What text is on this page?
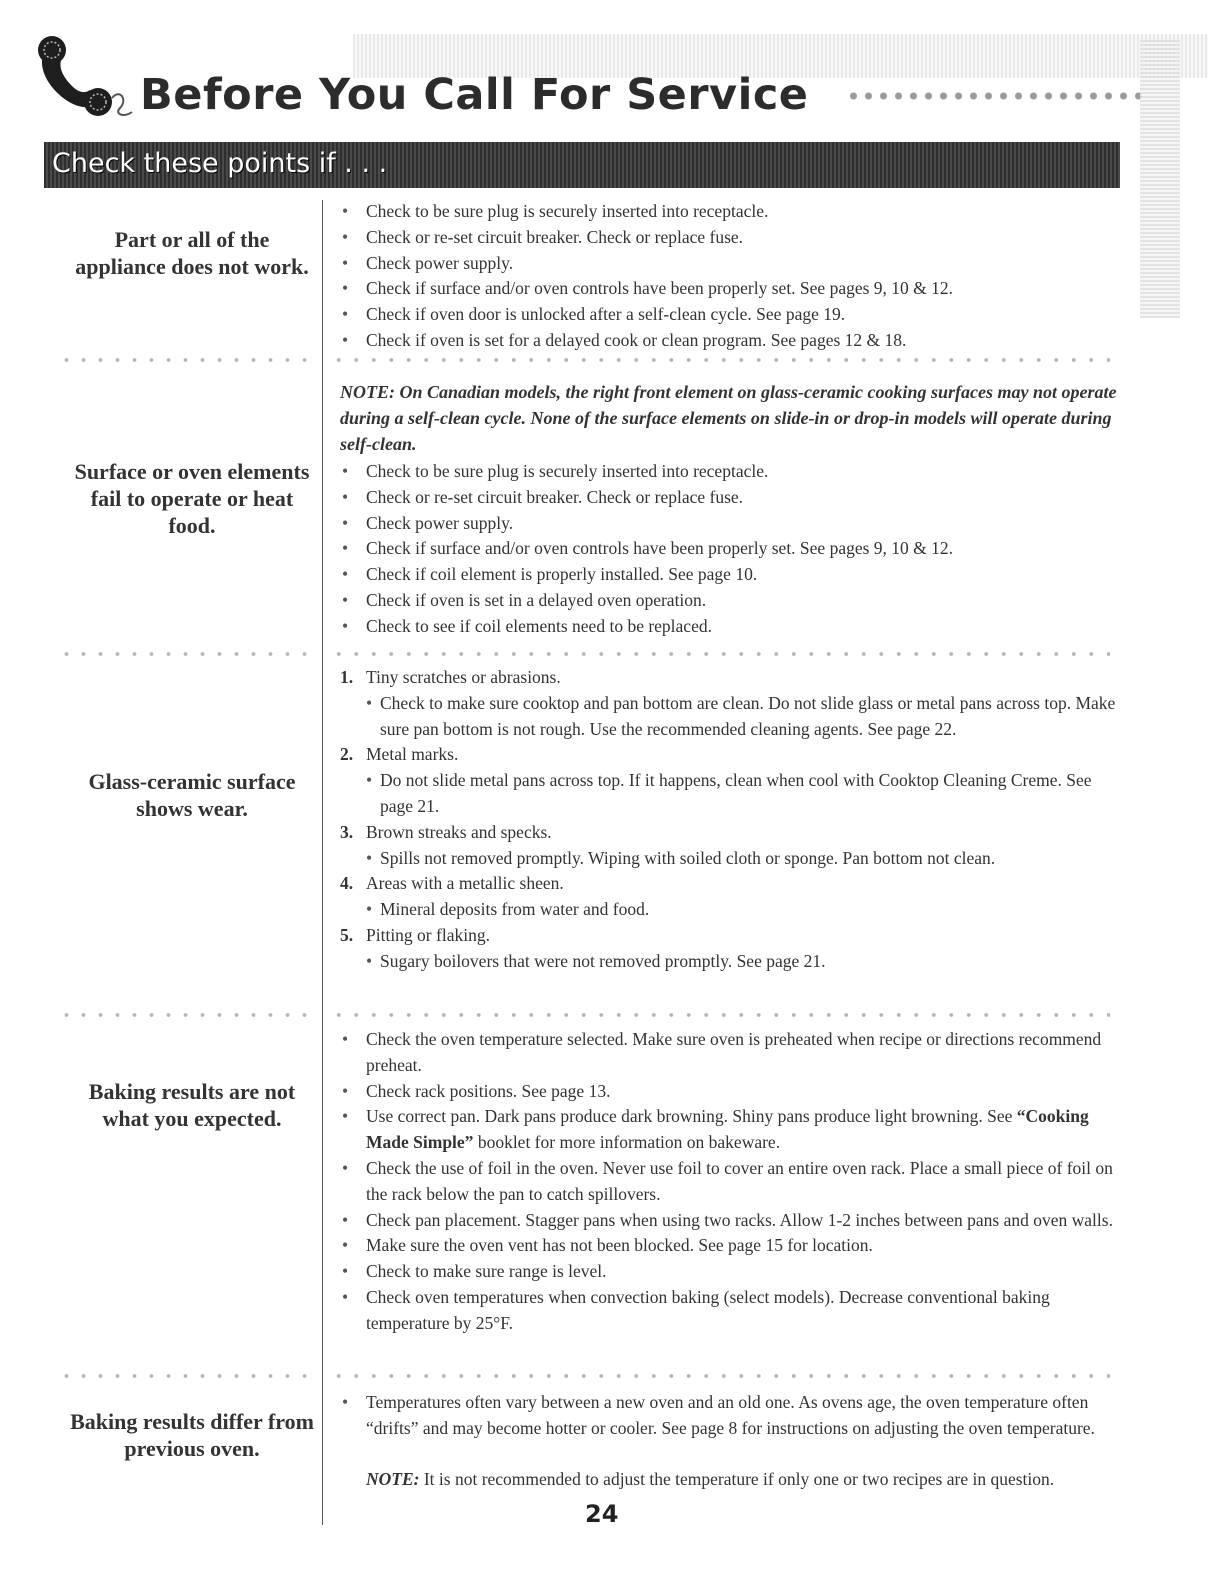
Before You Call For Service
Check these points if . . .

Part or all of the appliance does not work.

• Check to be sure plug is securely inserted into receptacle.
• Check or re-set circuit breaker. Check or replace fuse.
• Check power supply.
• Check if surface and/or oven controls have been properly set. See pages 9, 10 & 12.
• Check if oven door is unlocked after a self-clean cycle. See page 19.
• Check if oven is set for a delayed cook or clean program. See pages 12 & 18.

NOTE: On Canadian models, the right front element on glass-ceramic cooking surfaces may not operate during a self-clean cycle. None of the surface elements on slide-in or drop-in models will operate during self-clean.

Surface or oven elements fail to operate or heat food.

• Check to be sure plug is securely inserted into receptacle.
• Check or re-set circuit breaker. Check or replace fuse.
• Check power supply.
• Check if surface and/or oven controls have been properly set. See pages 9, 10 & 12.
• Check if coil element is properly installed. See page 10.
• Check if oven is set in a delayed oven operation.
• Check to see if coil elements need to be replaced.

Glass-ceramic surface shows wear.

1. Tiny scratches or abrasions.
• Check to make sure cooktop and pan bottom are clean. Do not slide glass or metal pans across top. Make sure pan bottom is not rough. Use the recommended cleaning agents. See page 22.
2. Metal marks.
• Do not slide metal pans across top. If it happens, clean when cool with Cooktop Cleaning Creme. See page 21.
3. Brown streaks and specks.
• Spills not removed promptly. Wiping with soiled cloth or sponge. Pan bottom not clean.
4. Areas with a metallic sheen.
• Mineral deposits from water and food.
5. Pitting or flaking.
• Sugary boilovers that were not removed promptly. See page 21.

Baking results are not what you expected.

• Check the oven temperature selected. Make sure oven is preheated when recipe or directions recommend preheat.
• Check rack positions. See page 13.
• Use correct pan. Dark pans produce dark browning. Shiny pans produce light browning. See “Cooking Made Simple” booklet for more information on bakeware.
• Check the use of foil in the oven. Never use foil to cover an entire oven rack. Place a small piece of foil on the rack below the pan to catch spillovers.
• Check pan placement. Stagger pans when using two racks. Allow 1-2 inches between pans and oven walls.
• Make sure the oven vent has not been blocked. See page 15 for location.
• Check to make sure range is level.
• Check oven temperatures when convection baking (select models). Decrease conventional baking temperature by 25°F.

Baking results differ from previous oven.

• Temperatures often vary between a new oven and an old one. As ovens age, the oven temperature often “drifts” and may become hotter or cooler. See page 8 for instructions on adjusting the oven temperature.

NOTE: It is not recommended to adjust the temperature if only one or two recipes are in question.

24
